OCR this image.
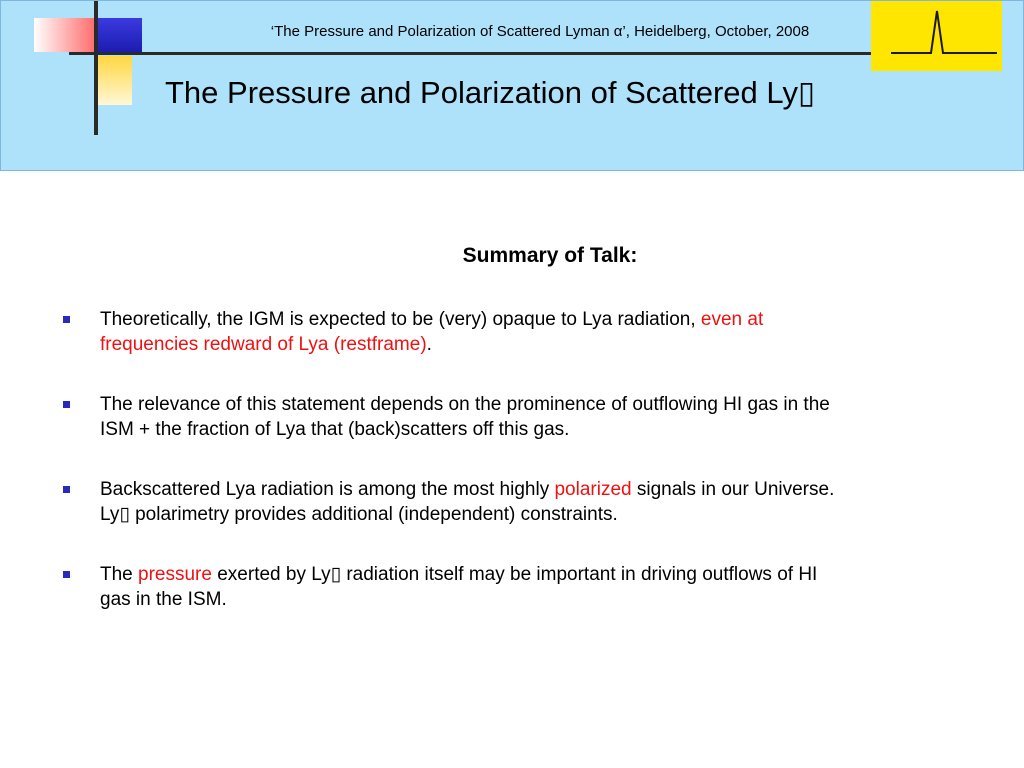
‘The Pressure and Polarization of Scattered Lyman α’, Heidelberg, October, 2008
The Pressure and Polarization of Scattered Ly▯
Summary of Talk:
Theoretically, the IGM is expected to be (very) opaque to Lya radiation, even at
frequencies redward of Lya (restframe).
The relevance of this statement depends on the prominence of outflowing HI gas in the
ISM + the fraction of Lya that (back)scatters off this gas.
Backscattered Lya radiation is among the most highly polarized signals in our Universe.
Ly▯ polarimetry provides additional (independent) constraints.
The pressure exerted by Ly▯ radiation itself may be important in driving outflows of HI
gas in the ISM.
